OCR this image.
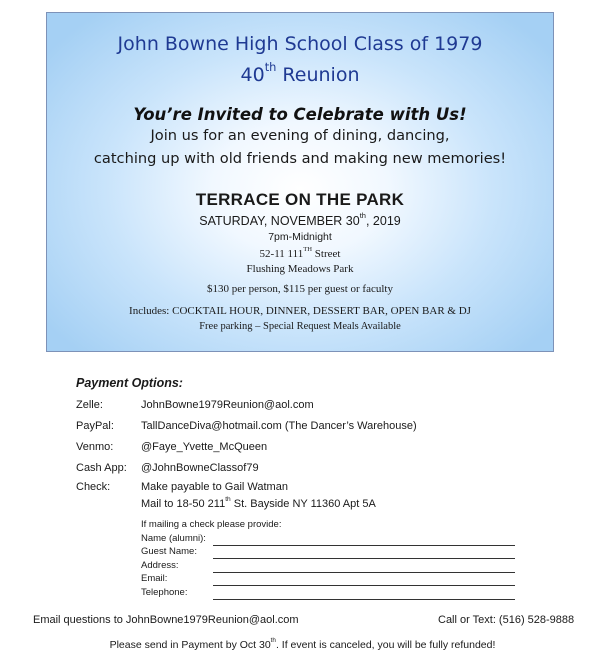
John Bowne High School Class of 1979
40th Reunion
You’re Invited to Celebrate with Us!
Join us for an evening of dining, dancing,
catching up with old friends and making new memories!
TERRACE ON THE PARK
SATURDAY, NOVEMBER 30th, 2019
7pm-Midnight
52-11 111TH Street
Flushing Meadows Park
$130 per person, $115 per guest or faculty
Includes: COCKTAIL HOUR, DINNER, DESSERT BAR, OPEN BAR & DJ
Free parking – Special Request Meals Available
Payment Options:
Zelle:	JohnBowne1979Reunion@aol.com
PayPal: TallDanceDiva@hotmail.com (The Dancer’s Warehouse)
Venmo:	@Faye_Yvette_McQueen
Cash App: @JohnBowneClassof79
Check:	Make payable to Gail Watman
Mail to 18-50 211th St. Bayside NY 11360 Apt 5A
If mailing a check please provide:
Name (alumni):
Guest Name:
Address:
Email:
Telephone:
Email questions to JohnBowne1979Reunion@aol.com	Call or Text: (516) 528-9888
Please send in Payment by Oct 30th. If event is canceled, you will be fully refunded!
